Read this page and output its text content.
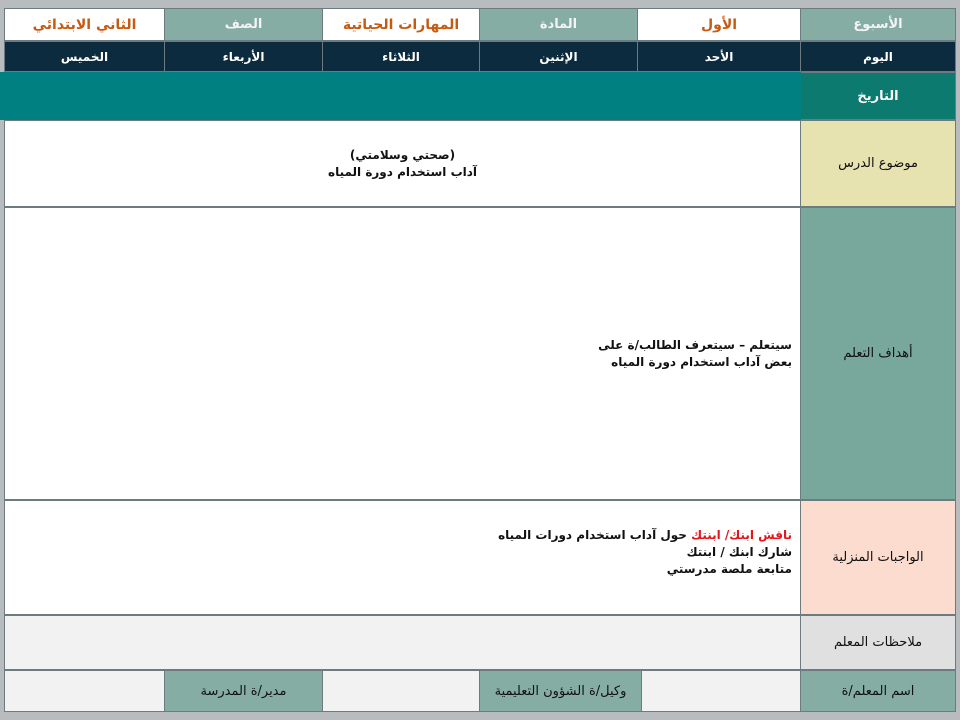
الأسبوع
الأول
المادة
المهارات الحياتية
الصف
الثاني الابتدائي
اليوم
الأحد
الإثنين
الثلاثاء
الأربعاء
الخميس
التاريخ
موضوع الدرس
(صحتي وسلامتي)
آداب استخدام دورة المياه
أهداف التعلم
سيتعلم – سيتعرف الطالب/ة على
بعض آداب استخدام دورة المياه
الواجبات المنزلية
ناقش ابنك/ ابنتك حول آداب استخدام دورات المياه
شارك ابنك / ابنتك
متابعة ملصة مدرستي
ملاحظات المعلم
اسم المعلم/ة
وكيل/ة الشؤون التعليمية
مدير/ة المدرسة
